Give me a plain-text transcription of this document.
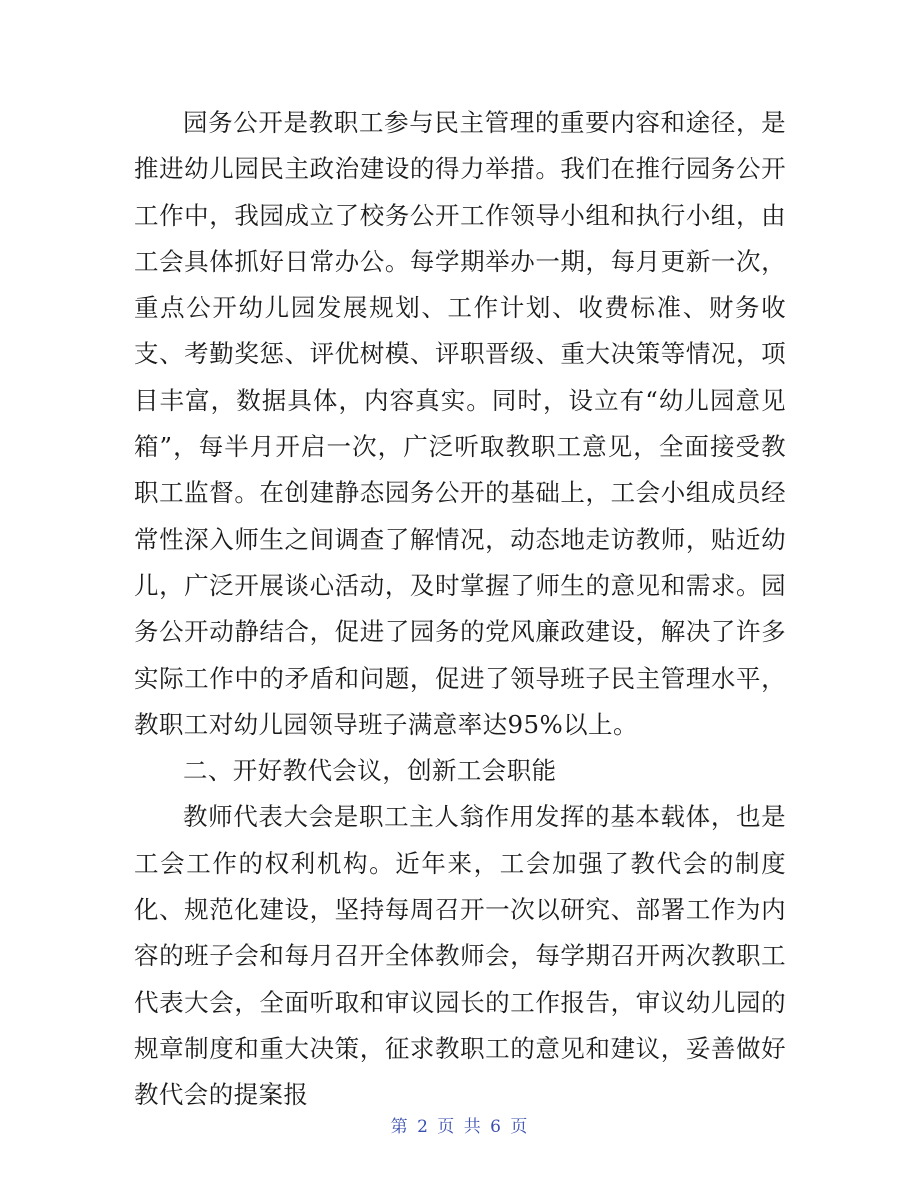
园务公开是教职工参与民主管理的重要内容和途径，是推进幼儿园民主政治建设的得力举措。我们在推行园务公开工作中，我园成立了校务公开工作领导小组和执行小组，由工会具体抓好日常办公。每学期举办一期，每月更新一次，重点公开幼儿园发展规划、工作计划、收费标准、财务收支、考勤奖惩、评优树模、评职晋级、重大决策等情况，项目丰富，数据具体，内容真实。同时，设立有“幼儿园意见箱”，每半月开启一次，广泛听取教职工意见，全面接受教职工监督。在创建静态园务公开的基础上，工会小组成员经常性深入师生之间调查了解情况，动态地走访教师，贴近幼儿，广泛开展谈心活动，及时掌握了师生的意见和需求。园务公开动静结合，促进了园务的党风廉政建设，解决了许多实际工作中的矛盾和问题，促进了领导班子民主管理水平，教职工对幼儿园领导班子满意率达95%以上。

二、开好教代会议，创新工会职能

教师代表大会是职工主人翁作用发挥的基本载体，也是工会工作的权利机构。近年来，工会加强了教代会的制度化、规范化建设，坚持每周召开一次以研究、部署工作为内容的班子会和每月召开全体教师会，每学期召开两次教职工代表大会，全面听取和审议园长的工作报告，审议幼儿园的规章制度和重大决策，征求教职工的意见和建议，妥善做好教代会的提案报

第 2 页 共 6 页
